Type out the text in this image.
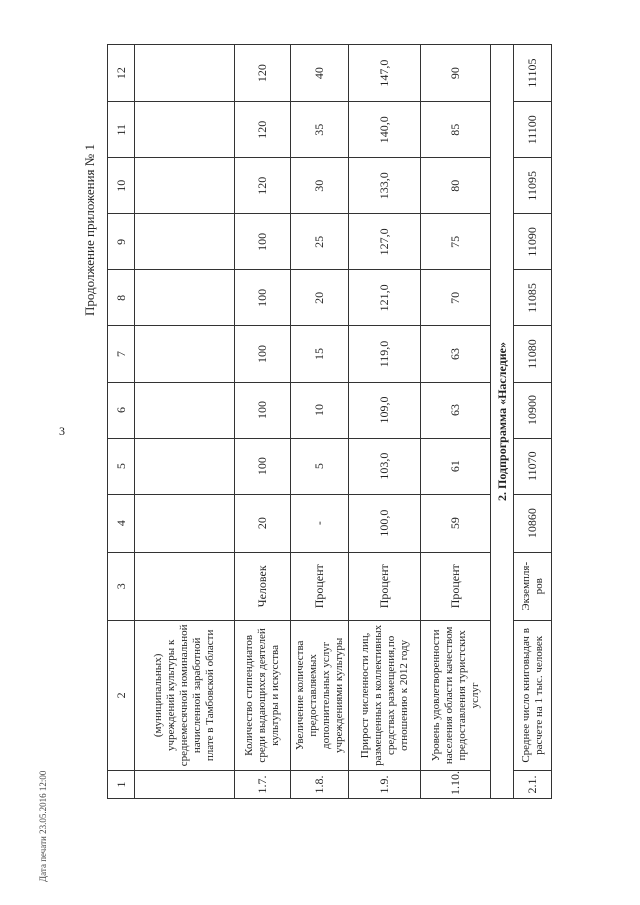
3
Продолжение приложения № 1
Дата печати 23.05.2016 12:00	1	2	3	4	5	6	7	8	9	10	11	12
	(муниципальных) учреждений культуры к среднемесячной номинальной начисленной заработной плате в Тамбовской области										
1.7.	Количество стипендиатов среди выдающихся деятелей культуры и искусства	Человек	20	100	100	100	100	100	120	120	120
1.8.	Увеличение количества предоставляемых дополнительных услуг учреждениями культуры	Процент	-	5	10	15	20	25	30	35	40
1.9.	Прирост численности лиц, размещенных в коллективных средствах размещения,по отношению к 2012 году	Процент	100,0	103,0	109,0	119,0	121,0	127,0	133,0	140,0	147,0
1.10.	Уровень удовлетворенности населения области качеством предоставления туристских услуг	Процент	59	61	63	63	70	75	80	85	90
2. Подпрограмма «Наследие»											
2.1.	Среднее число книговыдач в расчете на 1 тыс. человек	Экземпля-ров	10860	11070	10900	11080	11085	11090	11095	11100	11105
